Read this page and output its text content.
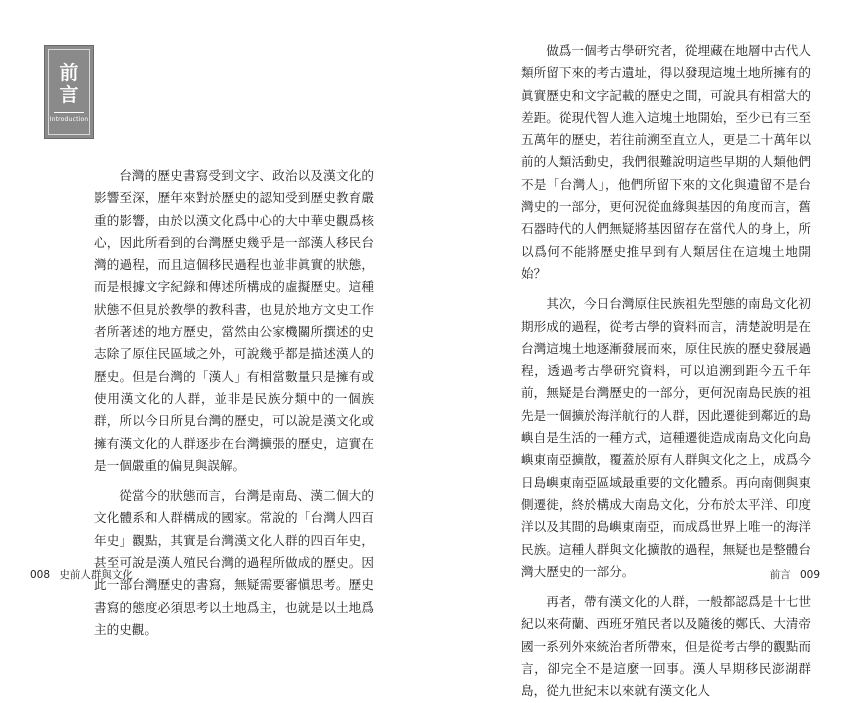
前
言
Introduction

台灣的歷史書寫受到文字、政治以及漢文化的影響至深，歷年來對於歷史的認知受到歷史教育嚴重的影響，由於以漢文化爲中心的大中華史觀爲核心，因此所看到的台灣歷史幾乎是一部漢人移民台灣的過程，而且這個移民過程也並非眞實的狀態，而是根據文字紀錄和傳述所構成的虛擬歷史。這種狀態不但見於教學的教科書，也見於地方文史工作者所著述的地方歷史，當然由公家機關所撰述的史志除了原住民區域之外，可說幾乎都是描述漢人的歷史。但是台灣的「漢人」有相當數量只是擁有或使用漢文化的人群，並非是民族分類中的一個族群，所以今日所見台灣的歷史，可以說是漢文化或擁有漢文化的人群逐步在台灣擴張的歷史，這實在是一個嚴重的偏見與誤解。

從當今的狀態而言，台灣是南島、漢二個大的文化體系和人群構成的國家。常說的「台灣人四百年史」觀點，其實是台灣漢文化人群的四百年史，甚至可說是漢人殖民台灣的過程所做成的歷史。因此一部台灣歷史的書寫，無疑需要審愼思考。歷史書寫的態度必須思考以土地爲主，也就是以土地爲主的史觀。

008 史前人群與文化

做爲一個考古學研究者，從埋藏在地層中古代人類所留下來的考古遺址，得以發現這塊土地所擁有的眞實歷史和文字記載的歷史之間，可說具有相當大的差距。從現代智人進入這塊土地開始，至少已有三至五萬年的歷史，若往前溯至直立人，更是二十萬年以前的人類活動史，我們很難說明這些早期的人類他們不是「台灣人」，他們所留下來的文化與遺留不是台灣史的一部分，更何況從血緣與基因的角度而言，舊石器時代的人們無疑將基因留存在當代人的身上，所以爲何不能將歷史推早到有人類居住在這塊土地開始？

其次，今日台灣原住民族祖先型態的南島文化初期形成的過程，從考古學的資料而言，淸楚說明是在台灣這塊土地逐漸發展而來，原住民族的歷史發展過程，透過考古學研究資料，可以追溯到距今五千年前，無疑是台灣歷史的一部分，更何況南島民族的祖先是一個擴於海洋航行的人群，因此遷徙到鄰近的島嶼自是生活的一種方式，這種遷徙造成南島文化向島嶼東南亞擴散，覆蓋於原有人群與文化之上，成爲今日島嶼東南亞區域最重要的文化體系。再向南側與東側遷徙，終於構成大南島文化，分布於太平洋、印度洋以及其間的島嶼東南亞，而成爲世界上唯一的海洋民族。這種人群與文化擴散的過程，無疑也是整體台灣大歷史的一部分。

再者，帶有漢文化的人群，一般都認爲是十七世紀以來荷蘭、西班牙殖民者以及隨後的鄭氏、大清帝國一系列外來統治者所帶來，但是從考古學的觀點而言，卻完全不是這麼一回事。漢人早期移民澎湖群島，從九世紀末以來就有漢文化人

前言 009
